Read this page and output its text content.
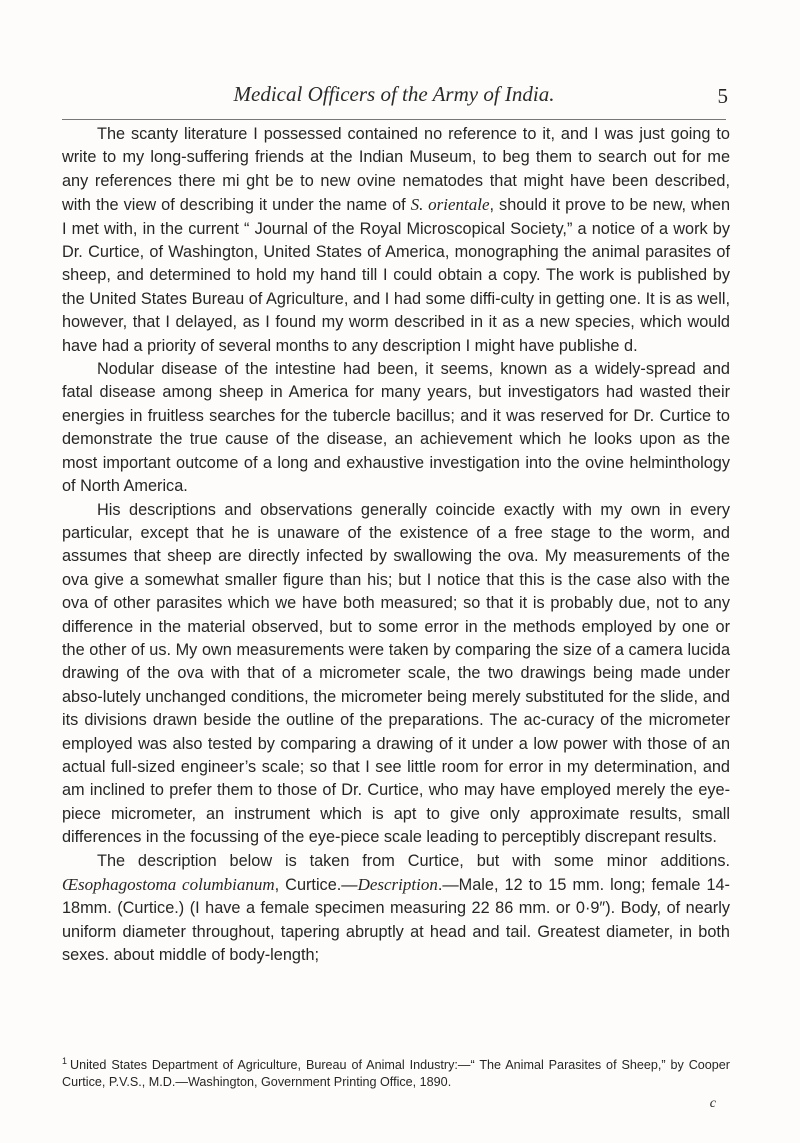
Medical Officers of the Army of India.	5

The scanty literature I possessed contained no reference to it, and I was just going to write to my long-suffering friends at the Indian Museum, to beg them to search out for me any references there mi ght be to new ovine nematodes that might have been described, with the view of describing it under the name of S. orientale, should it prove to be new, when I met with, in the current “ Journal of the Royal Microscopical Society,” a notice of a work by Dr. Curtice, of Washington, United States of America, monographing the animal parasites of sheep, and determined to hold my hand till I could obtain a copy. The work is published by the United States Bureau of Agriculture, and I had some diffi-culty in getting one. It is as well, however, that I delayed, as I found my worm described in it as a new species, which would have had a priority of several months to any description I might have publishe d.

Nodular disease of the intestine had been, it seems, known as a widely-spread and fatal disease among sheep in America for many years, but investigators had wasted their energies in fruitless searches for the tubercle bacillus; and it was reserved for Dr. Curtice to demonstrate the true cause of the disease, an achievement which he looks upon as the most important outcome of a long and exhaustive investigation into the ovine helminthology of North America.

His descriptions and observations generally coincide exactly with my own in every particular, except that he is unaware of the existence of a free stage to the worm, and assumes that sheep are directly infected by swallowing the ova. My measurements of the ova give a somewhat smaller figure than his; but I notice that this is the case also with the ova of other parasites which we have both measured; so that it is probably due, not to any difference in the material observed, but to some error in the methods employed by one or the other of us. My own measurements were taken by comparing the size of a camera lucida drawing of the ova with that of a micrometer scale, the two drawings being made under abso-lutely unchanged conditions, the micrometer being merely substituted for the slide, and its divisions drawn beside the outline of the preparations. The ac-curacy of the micrometer employed was also tested by comparing a drawing of it under a low power with those of an actual full-sized engineer’s scale; so that I see little room for error in my determination, and am inclined to prefer them to those of Dr. Curtice, who may have employed merely the eye-piece micrometer, an instrument which is apt to give only approximate results, small differences in the focussing of the eye-piece scale leading to perceptibly discrepant results.

The description below is taken from Curtice, but with some minor additions. Œsophagostoma columbianum, Curtice.—Description.—Male, 12 to 15 mm. long; female 14-18mm. (Curtice.) (I have a female specimen measuring 22 86 mm. or 0·9″). Body, of nearly uniform diameter throughout, tapering abruptly at head and tail. Greatest diameter, in both sexes. about middle of body-length;

$^1$ United States Department of Agriculture, Bureau of Animal Industry:—“ The Animal Parasites of Sheep,” by Cooper Curtice, P.V.S., M.D.—Washington, Government Printing Office, 1890.
c
